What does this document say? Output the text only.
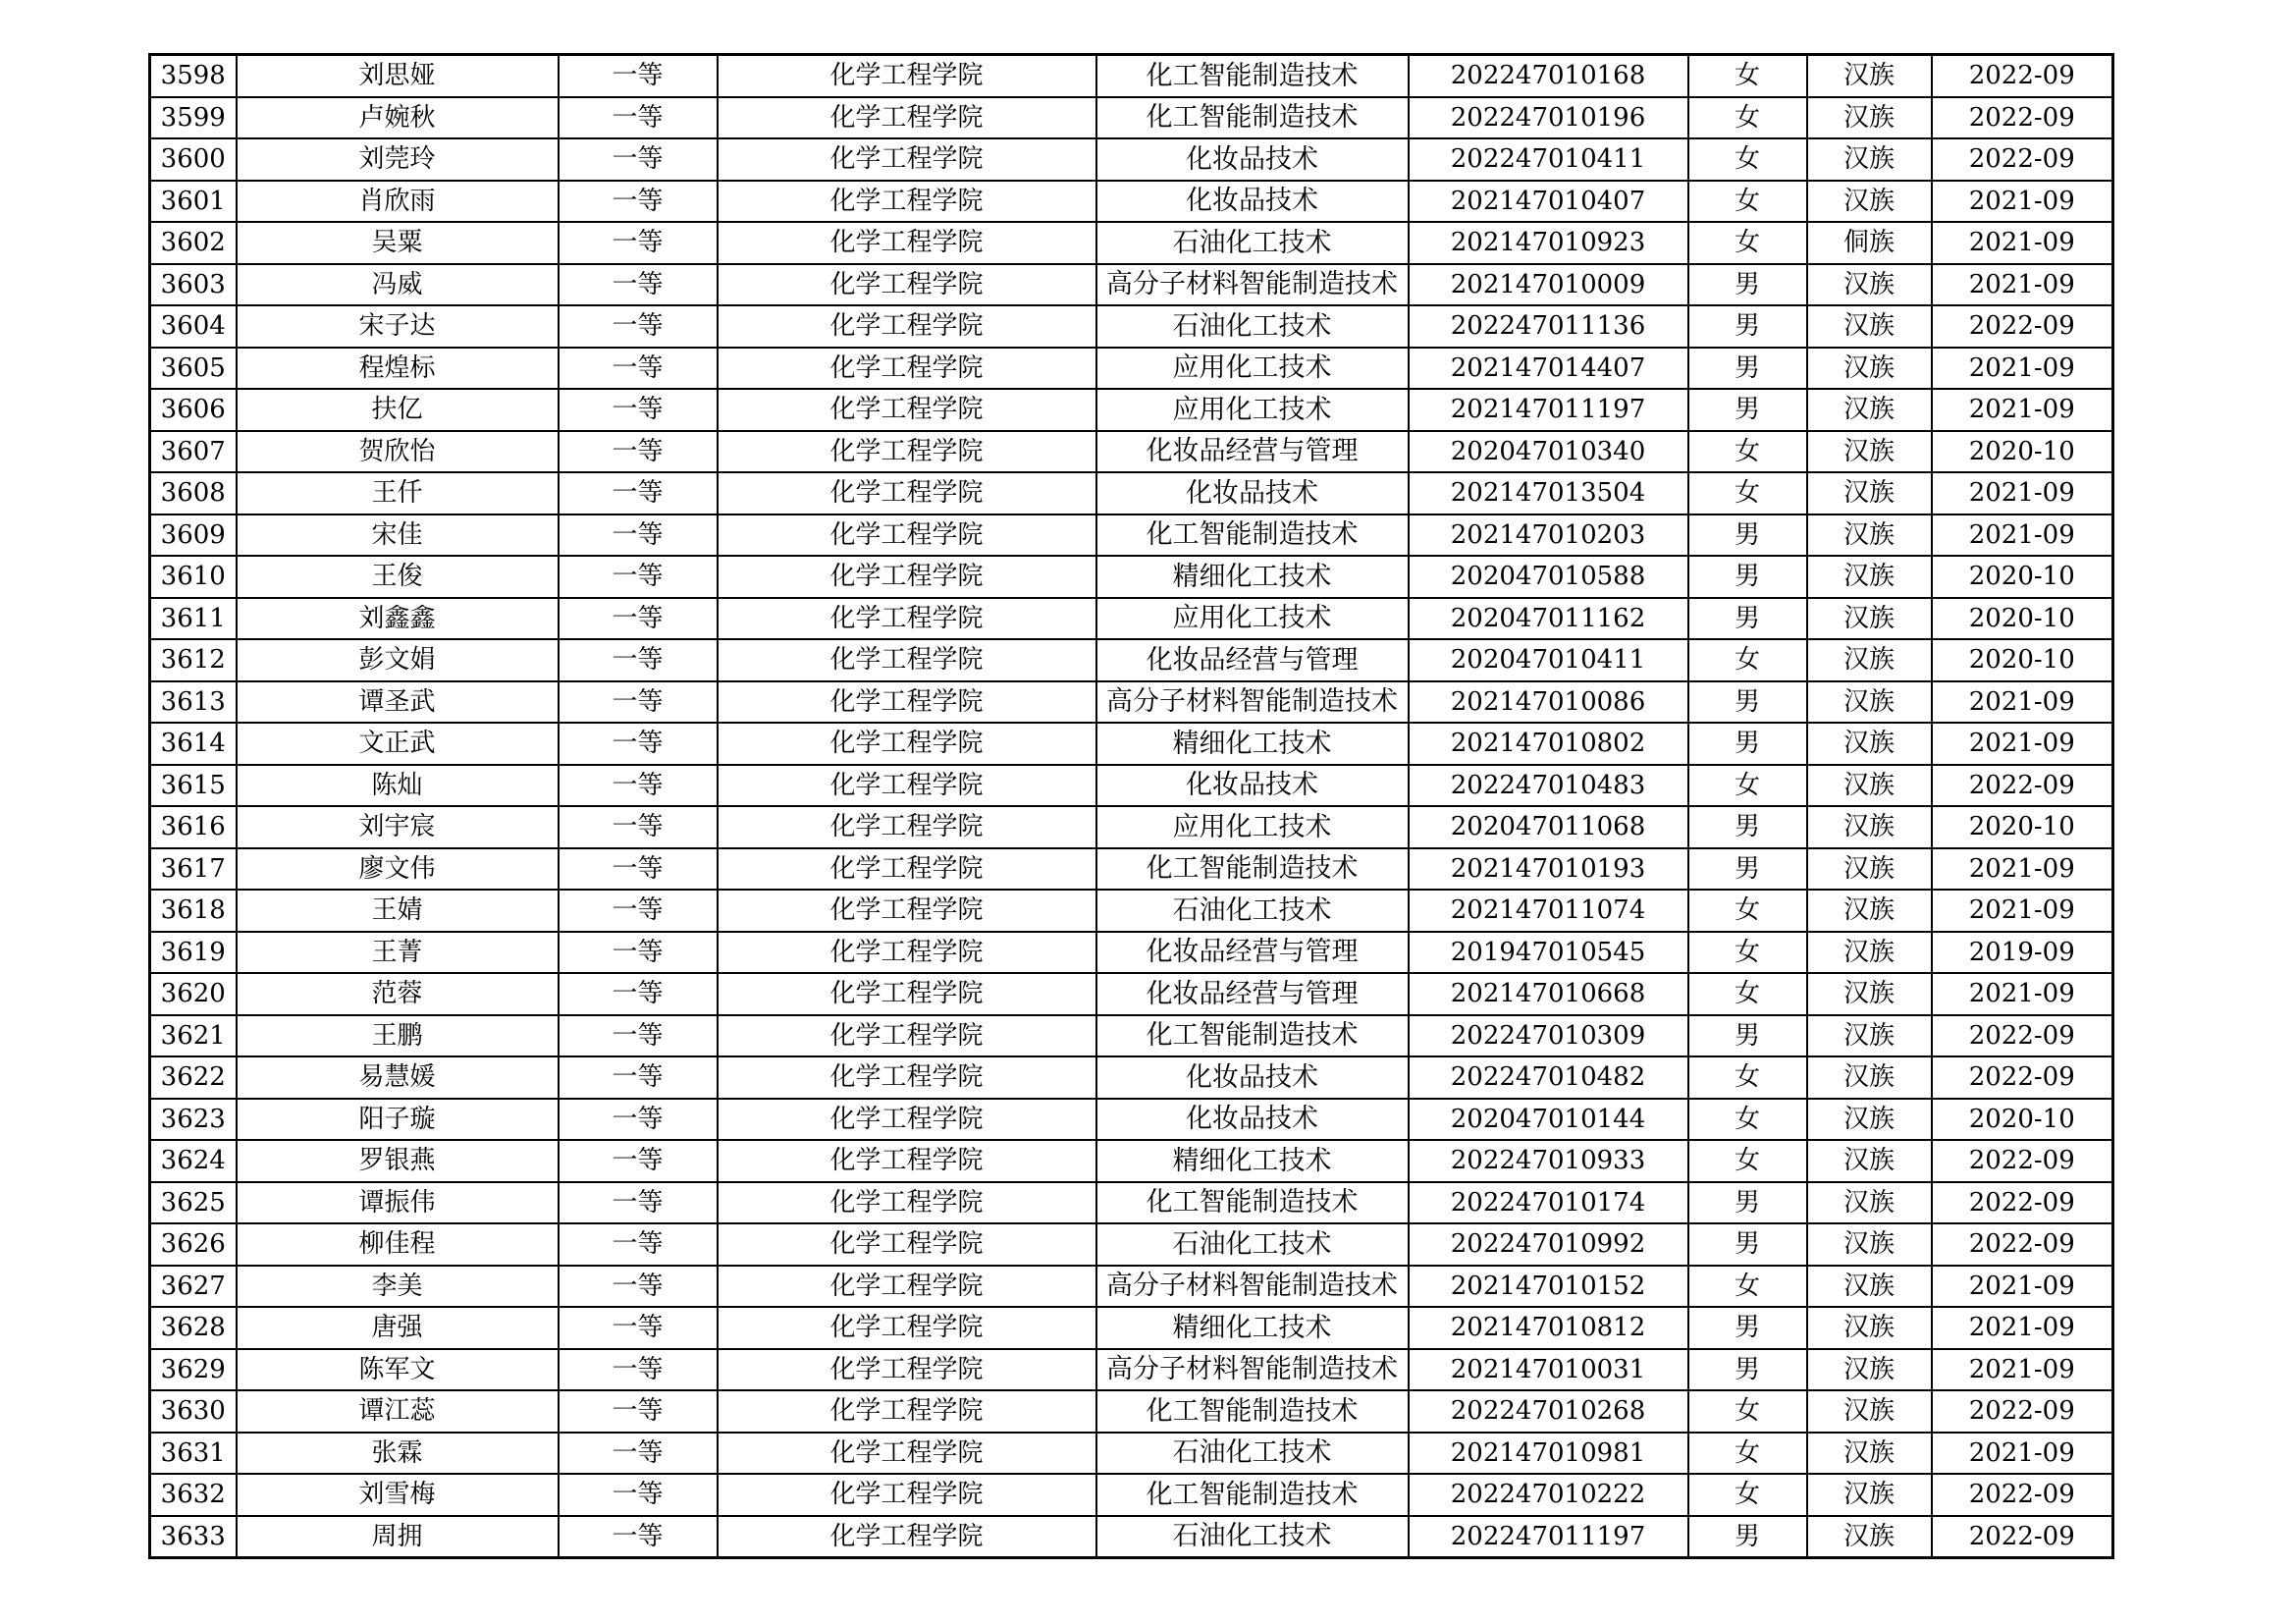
3598	刘思娅	一等	化学工程学院	化工智能制造技术	202247010168	女	汉族	2022-09
3599	卢婉秋	一等	化学工程学院	化工智能制造技术	202247010196	女	汉族	2022-09
3600	刘莞玲	一等	化学工程学院	化妆品技术	202247010411	女	汉族	2022-09
3601	肖欣雨	一等	化学工程学院	化妆品技术	202147010407	女	汉族	2021-09
3602	吴粟	一等	化学工程学院	石油化工技术	202147010923	女	侗族	2021-09
3603	冯威	一等	化学工程学院	高分子材料智能制造技术	202147010009	男	汉族	2021-09
3604	宋子达	一等	化学工程学院	石油化工技术	202247011136	男	汉族	2022-09
3605	程煌标	一等	化学工程学院	应用化工技术	202147014407	男	汉族	2021-09
3606	扶亿	一等	化学工程学院	应用化工技术	202147011197	男	汉族	2021-09
3607	贺欣怡	一等	化学工程学院	化妆品经营与管理	202047010340	女	汉族	2020-10
3608	王仟	一等	化学工程学院	化妆品技术	202147013504	女	汉族	2021-09
3609	宋佳	一等	化学工程学院	化工智能制造技术	202147010203	男	汉族	2021-09
3610	王俊	一等	化学工程学院	精细化工技术	202047010588	男	汉族	2020-10
3611	刘鑫鑫	一等	化学工程学院	应用化工技术	202047011162	男	汉族	2020-10
3612	彭文娟	一等	化学工程学院	化妆品经营与管理	202047010411	女	汉族	2020-10
3613	谭圣武	一等	化学工程学院	高分子材料智能制造技术	202147010086	男	汉族	2021-09
3614	文正武	一等	化学工程学院	精细化工技术	202147010802	男	汉族	2021-09
3615	陈灿	一等	化学工程学院	化妆品技术	202247010483	女	汉族	2022-09
3616	刘宇宸	一等	化学工程学院	应用化工技术	202047011068	男	汉族	2020-10
3617	廖文伟	一等	化学工程学院	化工智能制造技术	202147010193	男	汉族	2021-09
3618	王婧	一等	化学工程学院	石油化工技术	202147011074	女	汉族	2021-09
3619	王菁	一等	化学工程学院	化妆品经营与管理	201947010545	女	汉族	2019-09
3620	范蓉	一等	化学工程学院	化妆品经营与管理	202147010668	女	汉族	2021-09
3621	王鹏	一等	化学工程学院	化工智能制造技术	202247010309	男	汉族	2022-09
3622	易慧媛	一等	化学工程学院	化妆品技术	202247010482	女	汉族	2022-09
3623	阳子璇	一等	化学工程学院	化妆品技术	202047010144	女	汉族	2020-10
3624	罗银燕	一等	化学工程学院	精细化工技术	202247010933	女	汉族	2022-09
3625	谭振伟	一等	化学工程学院	化工智能制造技术	202247010174	男	汉族	2022-09
3626	柳佳程	一等	化学工程学院	石油化工技术	202247010992	男	汉族	2022-09
3627	李美	一等	化学工程学院	高分子材料智能制造技术	202147010152	女	汉族	2021-09
3628	唐强	一等	化学工程学院	精细化工技术	202147010812	男	汉族	2021-09
3629	陈军文	一等	化学工程学院	高分子材料智能制造技术	202147010031	男	汉族	2021-09
3630	谭江蕊	一等	化学工程学院	化工智能制造技术	202247010268	女	汉族	2022-09
3631	张霖	一等	化学工程学院	石油化工技术	202147010981	女	汉族	2021-09
3632	刘雪梅	一等	化学工程学院	化工智能制造技术	202247010222	女	汉族	2022-09
3633	周拥	一等	化学工程学院	石油化工技术	202247011197	男	汉族	2022-09
